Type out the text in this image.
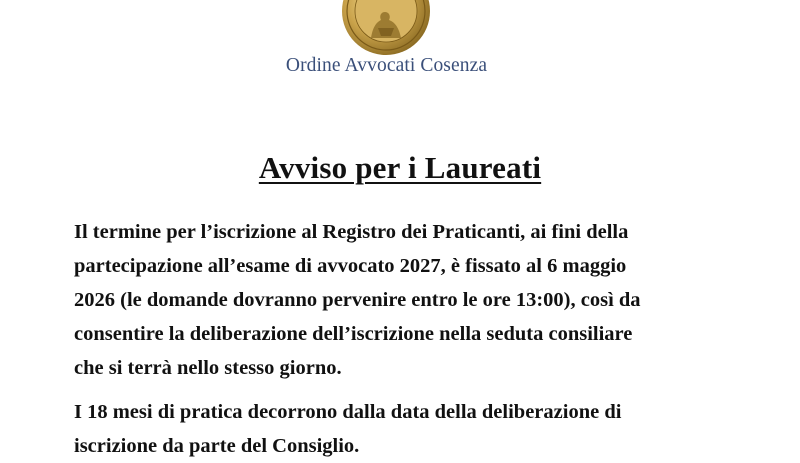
Ordine Avvocati Cosenza
Avviso per i Laureati

Il termine per l’iscrizione al Registro dei Praticanti, ai fini della
partecipazione all’esame di avvocato 2027, è fissato al 6 maggio
2026 (le domande dovranno pervenire entro le ore 13:00), così da
consentire la deliberazione dell’iscrizione nella seduta consiliare
che si terrà nello stesso giorno.

I 18 mesi di pratica decorrono dalla data della deliberazione di
iscrizione da parte del Consiglio.
